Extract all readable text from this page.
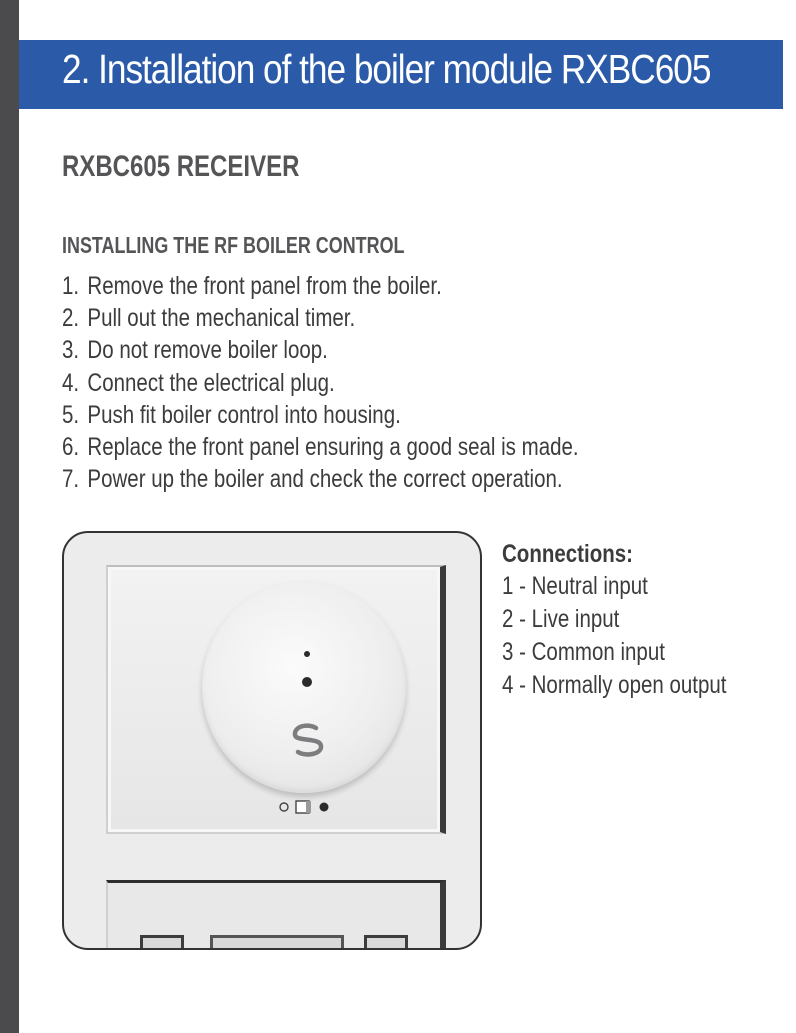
2. Installation of the boiler module RXBC605
RXBC605 RECEIVER
INSTALLING THE RF BOILER CONTROL
1. Remove the front panel from the boiler.
2. Pull out the mechanical timer.
3. Do not remove boiler loop.
4. Connect the electrical plug.
5. Push fit boiler control into housing.
6. Replace the front panel ensuring a good seal is made.
7. Power up the boiler and check the correct operation.
Connections:
1 - Neutral input
2 - Live input
3 - Common input
4 - Normally open output
